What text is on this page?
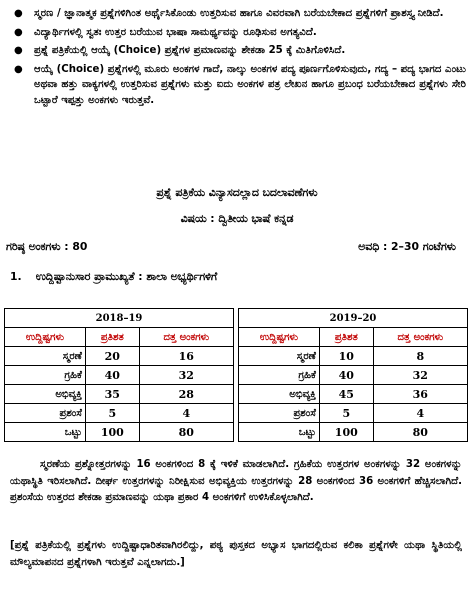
●	ಸ್ಮರಣ / ಜ್ಞಾನಾತ್ಮಕ ಪ್ರಶ್ನೆಗಳಿಗಿಂತ ಅರ್ಥೈಸಿಕೊಂಡು ಉತ್ತರಿಸುವ ಹಾಗೂ ವಿವರವಾಗಿ ಬರೆಯಬೇಕಾದ ಪ್ರಶ್ನೆಗಳಿಗೆ ಪ್ರಾಶಸ್ತ್ಯ ನೀಡಿದೆ.
●	ವಿದ್ಯಾರ್ಥಿಗಳಲ್ಲಿ ಸ್ವತಃ ಉತ್ತರ ಬರೆಯುವ ಭಾಷಾ ಸಾಮರ್ಥ್ಯವನ್ನು ರೂಢಿಸುವ ಅಗತ್ಯವಿದೆ.
●	ಪ್ರಶ್ನೆ ಪತ್ರಿಕೆಯಲ್ಲಿ ಆಯ್ಕೆ (Choice) ಪ್ರಶ್ನೆಗಳ ಪ್ರಮಾಣವನ್ನು ಶೇಕಡಾ 25 ಕ್ಕೆ ಮಿತಿಗೊಳಿಸಿದೆ.
●	ಆಯ್ಕೆ (Choice) ಪ್ರಶ್ನೆಗಳಲ್ಲಿ ಮೂರು ಅಂಕಗಳ ಗಾದೆ, ನಾಲ್ಕು ಅಂಕಗಳ ಪದ್ಯ ಪೂರ್ಣಗೊಳಿಸುವುದು, ಗದ್ಯ – ಪದ್ಯ ಭಾಗದ ಎಂಟು ಅಥವಾ ಹತ್ತು ವಾಕ್ಯಗಳಲ್ಲಿ ಉತ್ತರಿಸುವ ಪ್ರಶ್ನೆಗಳು ಮತ್ತು ಐದು ಅಂಕಗಳ ಪತ್ರ ಲೇಖನ ಹಾಗೂ ಪ್ರಬಂಧ ಬರೆಯಬೇಕಾದ ಪ್ರಶ್ನೆಗಳು ಸೇರಿ ಒಟ್ಟಾರೆ ಇಪ್ಪತ್ತು ಅಂಕಗಳು ಇರುತ್ತವೆ.
ಪ್ರಶ್ನೆ ಪತ್ರಿಕೆಯ ವಿನ್ಯಾಸದಲ್ಲಾದ ಬದಲಾವಣೆಗಳು
ವಿಷಯ : ದ್ವಿತೀಯ ಭಾಷೆ ಕನ್ನಡ
ಗರಿಷ್ಠ ಅಂಕಗಳು : 80	ಅವಧಿ : 2–30 ಗಂಟೆಗಳು
1. ಉದ್ದಿಷ್ಟಾನುಸಾರ ಪ್ರಾಮುಖ್ಯತೆ : ಶಾಲಾ ಅಭ್ಯರ್ಥಿಗಳಿಗೆ
2018–19				2019–20		
ಉದ್ದಿಷ್ಟಗಳು	ಪ್ರತಿಶತ	ದತ್ತ ಅಂಕಗಳು		ಉದ್ದಿಷ್ಟಗಳು	ಪ್ರತಿಶತ	ದತ್ತ ಅಂಕಗಳು
ಸ್ಮರಣೆ	20	16		ಸ್ಮರಣೆ	10	8
ಗ್ರಹಿಕೆ	40	32		ಗ್ರಹಿಕೆ	40	32
ಅಭಿವ್ಯಕ್ತಿ	35	28		ಅಭಿವ್ಯಕ್ತಿ	45	36
ಪ್ರಶಂಸೆ	5	4		ಪ್ರಶಂಸೆ	5	4
ಒಟ್ಟು	100	80		ಒಟ್ಟು	100	80
ಸ್ಮರಣೆಯ ಪ್ರಶ್ನೋತ್ತರಗಳನ್ನು 16 ಅಂಕಗಳಿಂದ 8 ಕ್ಕೆ ಇಳಿಕೆ ಮಾಡಲಾಗಿದೆ. ಗ್ರಹಿಕೆಯ ಉತ್ತರಗಳ ಅಂಕಗಳನ್ನು 32 ಅಂಕಗಳನ್ನು ಯಥಾಸ್ಥಿತಿ ಇರಿಸಲಾಗಿದೆ. ದೀರ್ಘ ಉತ್ತರಗಳನ್ನು ನಿರೀಕ್ಷಿಸುವ ಅಭಿವ್ಯಕ್ತಿಯ ಉತ್ತರಗಳನ್ನು 28 ಅಂಕಗಳಿಂದ 36 ಅಂಕಗಳಿಗೆ ಹೆಚ್ಚಿಸಲಾಗಿದೆ. ಪ್ರಶಂಸೆಯ ಉತ್ತರದ ಶೇಕಡಾ ಪ್ರಮಾಣವನ್ನು ಯಥಾ ಪ್ರಕಾರ 4 ಅಂಕಗಳಿಗೆ ಉಳಿಸಿಕೊಳ್ಳಲಾಗಿದೆ.
[ಪ್ರಶ್ನೆ ಪತ್ರಿಕೆಯಲ್ಲಿ ಪ್ರಶ್ನೆಗಳು ಉದ್ದಿಷ್ಟಾಧಾರಿತವಾಗಿರಲಿದ್ದು, ಪಠ್ಯ ಪುಸ್ತಕದ ಅಭ್ಯಾಸ ಭಾಗದಲ್ಲಿರುವ ಕಲಿಕಾ ಪ್ರಶ್ನೆಗಳೇ ಯಥಾ ಸ್ಥಿತಿಯಲ್ಲಿ ಮೌಲ್ಯಮಾಪನದ ಪ್ರಶ್ನೆಗಳಾಗಿ ಇರುತ್ತವೆ ಎನ್ನಲಾಗದು.]
